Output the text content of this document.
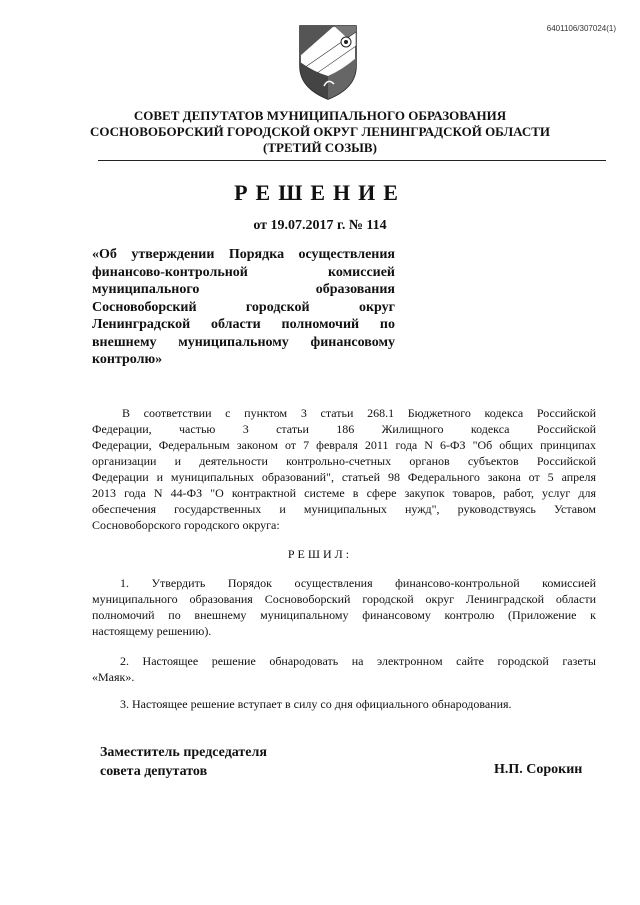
6401106/307024(1)
СОВЕТ ДЕПУТАТОВ МУНИЦИПАЛЬНОГО ОБРАЗОВАНИЯ
СОСНОВОБОРСКИЙ ГОРОДСКОЙ ОКРУГ ЛЕНИНГРАДСКОЙ ОБЛАСТИ
(ТРЕТИЙ СОЗЫВ)
РЕШЕНИЕ
от 19.07.2017 г. № 114
«Об утверждении Порядка осуществления
финансово-контрольной комиссией
муниципального образования
Сосновоборский городской округ
Ленинградской области полномочий по
внешнему муниципальному финансовому
контролю»
В соответствии с пунктом 3 статьи 268.1 Бюджетного кодекса Российской
Федерации, частью 3 статьи 186 Жилищного кодекса Российской
Федерации, Федеральным законом от 7 февраля 2011 года N 6-ФЗ "Об общих принципах
организации и деятельности контрольно-счетных органов субъектов Российской
Федерации и муниципальных образований", статьей 98 Федерального закона от 5 апреля
2013 года N 44-ФЗ "О контрактной системе в сфере закупок товаров, работ, услуг для
обеспечения государственных и муниципальных нужд", руководствуясь Уставом
Сосновоборского городского округа:
РЕШИЛ:
1. Утвердить Порядок осуществления финансово-контрольной комиссией
муниципального образования Сосновоборский городской округ Ленинградской области
полномочий по внешнему муниципальному финансовому контролю (Приложение к
настоящему решению).
2. Настоящее решение обнародовать на электронном сайте городской газеты
«Маяк».
3. Настоящее решение вступает в силу со дня официального обнародования.
Заместитель председателя
совета депутатов	Н.П. Сорокин
